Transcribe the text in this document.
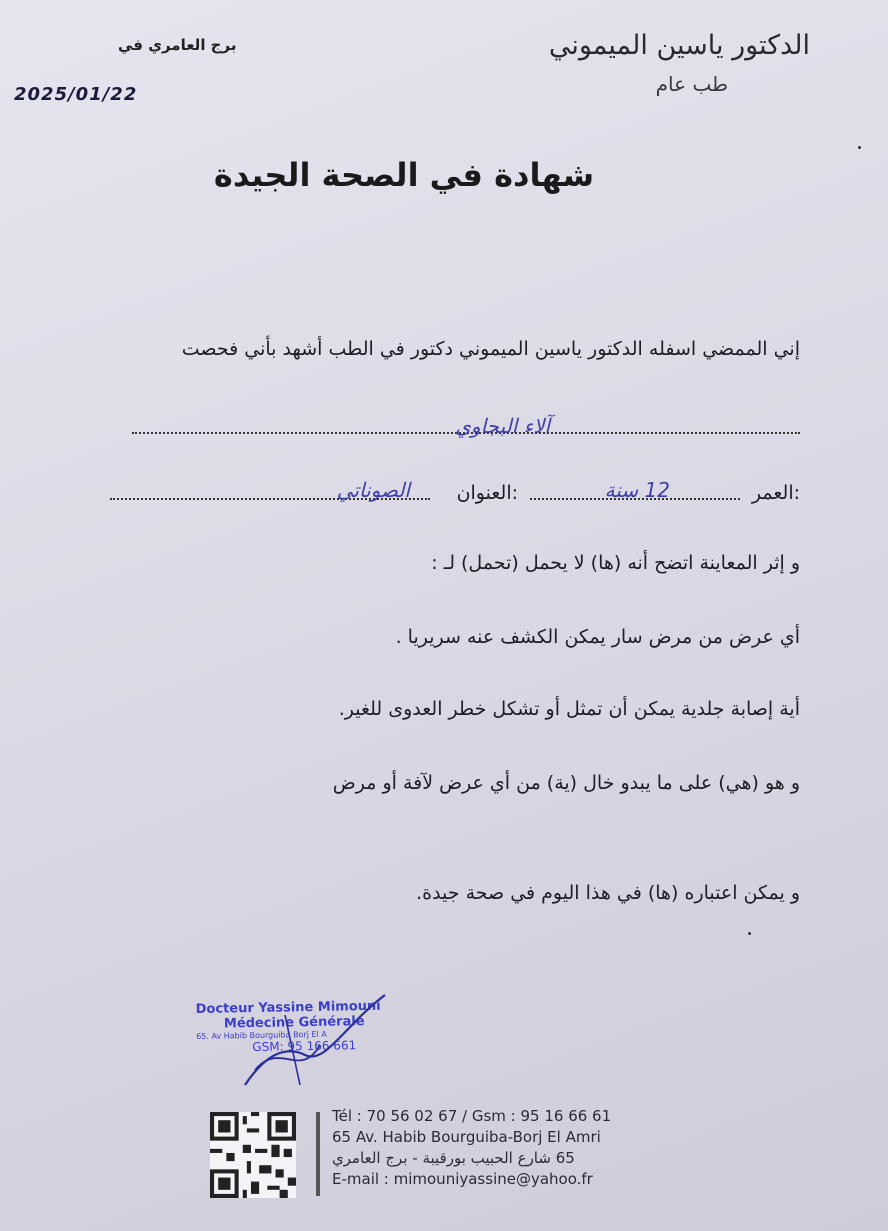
الدكتور ياسين الميموني
طب عام
برج العامري في
2025/01/22
شهادة في الصحة الجيدة
إني الممضي اسفله الدكتور ياسين الميموني دكتور في الطب أشهد بأني فحصت
آلاء البجاوي
العمر:
12 سنة
العنوان:
الصوناتي
و إثر المعاينة اتضح أنه (ها) لا يحمل (تحمل) لـ :
أي عرض من مرض سار يمكن الكشف عنه سريريا .
أية إصابة جلدية يمكن أن تمثل أو تشكل خطر العدوى للغير.
و هو (هي) على ما يبدو خال (ية) من أي عرض لآفة أو مرض
و يمكن اعتباره (ها) في هذا اليوم في صحة جيدة.
Docteur Yassine Mimouni
Médecine Générale
65. Av Habib Bourguiba Borj El A
GSM: 95 166 661
Tél : 70 56 02 67 / Gsm : 95 16 66 61
65 Av. Habib Bourguiba-Borj El Amri
65 شارع الحبيب بورقيبة - برج العامري
E-mail : mimouniyassine@yahoo.fr
